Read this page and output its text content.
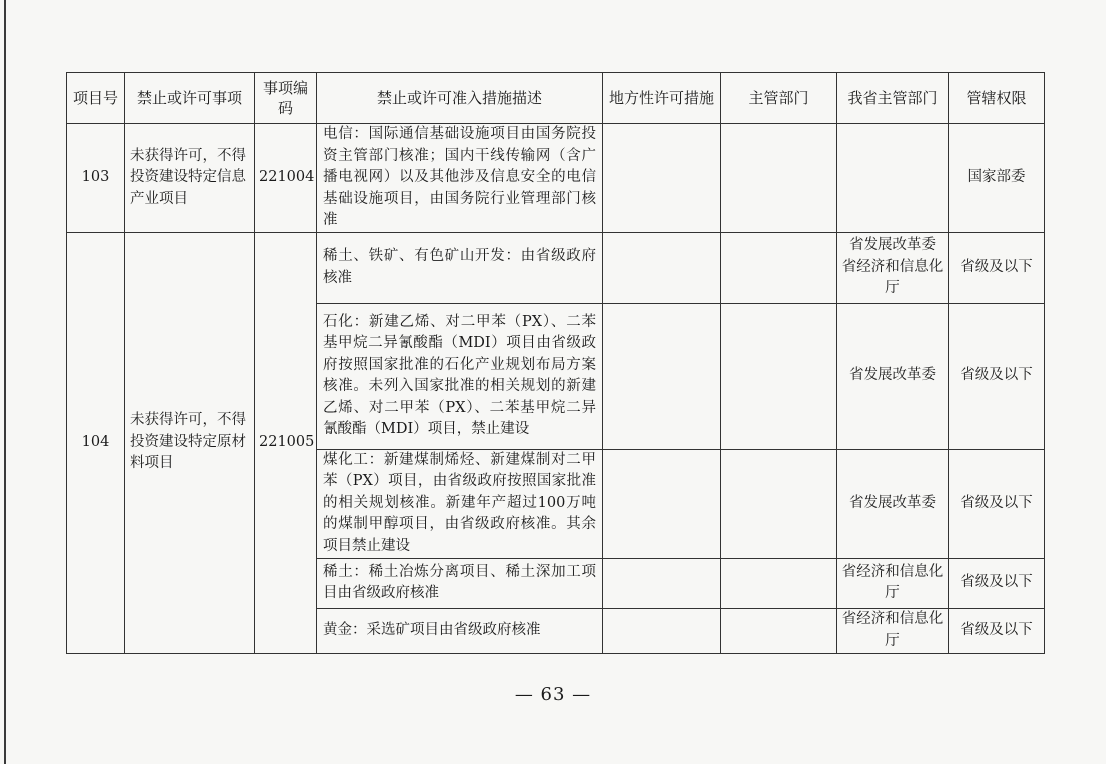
项目号	禁止或许可事项	事项编码	禁止或许可准入措施描述	地方性许可措施	主管部门	我省主管部门	管辖权限
103	未获得许可，不得投资建设特定信息产业项目	221004	电信：国际通信基础设施项目由国务院投资主管部门核准；国内干线传输网（含广播电视网）以及其他涉及信息安全的电信基础设施项目，由国务院行业管理部门核准				国家部委
104	未获得许可，不得投资建设特定原材料项目	221005	稀土、铁矿、有色矿山开发：由省级政府核准			省发展改革委 省经济和信息化厅	省级及以下
			石化：新建乙烯、对二甲苯（PX）、二苯基甲烷二异氰酸酯（MDI）项目由省级政府按照国家批准的石化产业规划布局方案核准。未列入国家批准的相关规划的新建乙烯、对二甲苯（PX）、二苯基甲烷二异氰酸酯（MDI）项目，禁止建设			省发展改革委	省级及以下
			煤化工：新建煤制烯烃、新建煤制对二甲苯（PX）项目，由省级政府按照国家批准的相关规划核准。新建年产超过100万吨的煤制甲醇项目，由省级政府核准。其余项目禁止建设			省发展改革委	省级及以下
			稀土：稀土冶炼分离项目、稀土深加工项目由省级政府核准			省经济和信息化厅	省级及以下
			黄金：采选矿项目由省级政府核准			省经济和信息化厅	省级及以下
— 63 —
